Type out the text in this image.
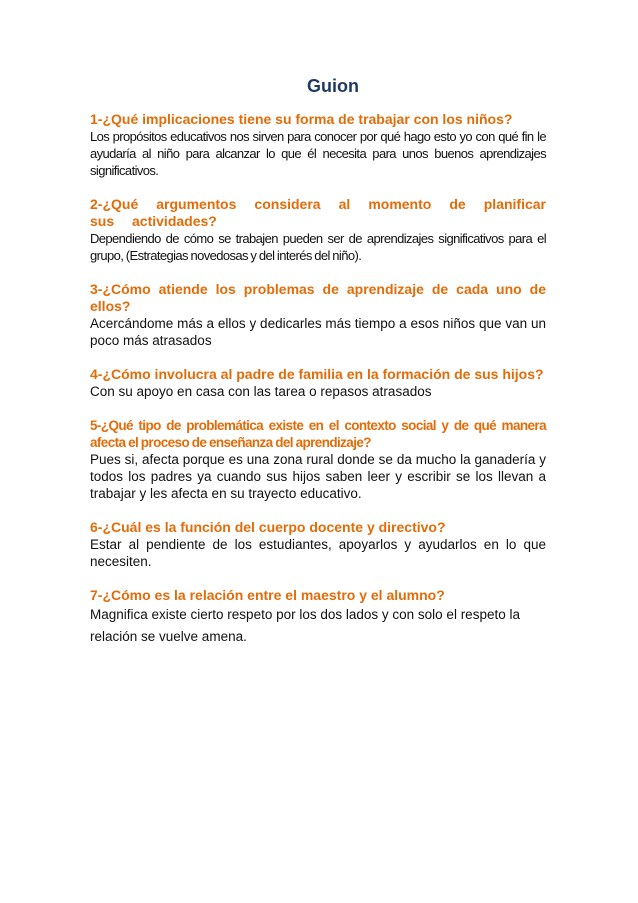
Guion

1-¿Qué implicaciones tiene su forma de trabajar con los niños?

Los propósitos educativos nos sirven para conocer por qué hago esto yo con qué fin le ayudaría al niño para alcanzar lo que él necesita para unos buenos aprendizajes significativos.

2-¿Qué argumentos considera al momento de planificar sus actividades?

Dependiendo de cómo se trabajen pueden ser de aprendizajes significativos para el grupo, (Estrategias novedosas y del interés del niño).

3-¿Cómo atiende los problemas de aprendizaje de cada uno de ellos?

Acercándome más a ellos y dedicarles más tiempo a esos niños que van un poco más atrasados

4-¿Cómo involucra al padre de familia en la formación de sus hijos?

Con su apoyo en casa con las tarea o repasos atrasados

5-¿Qué tipo de problemática existe en el contexto social y de qué manera afecta el proceso de enseñanza del aprendizaje?

Pues si, afecta porque es una zona rural donde se da mucho la ganadería y todos los padres ya cuando sus hijos saben leer y escribir se los llevan a trabajar y les afecta en su trayecto educativo.

6-¿Cuál es la función del cuerpo docente y directivo?

Estar al pendiente de los estudiantes, apoyarlos y ayudarlos en lo que necesiten.

7-¿Cómo es la relación entre el maestro y el alumno?

Magnifica existe cierto respeto por los dos lados y con solo el respeto la relación se vuelve amena.
